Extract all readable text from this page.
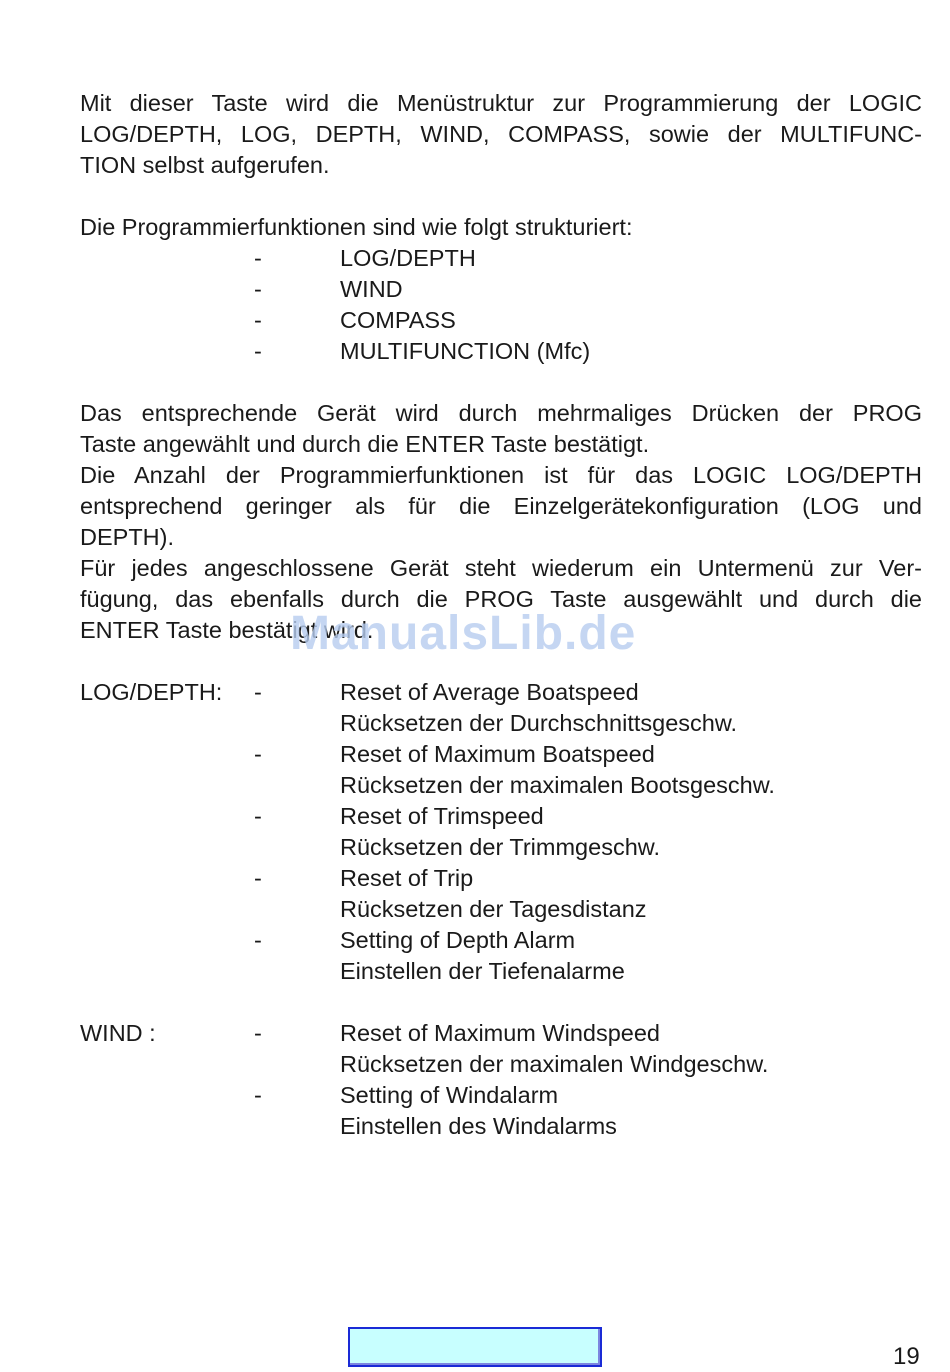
Mit dieser Taste wird die Menüstruktur zur Programmierung der LOGIC
LOG/DEPTH, LOG, DEPTH, WIND, COMPASS, sowie der MULTIFUNC-
TION selbst aufgerufen.
Die Programmierfunktionen sind wie folgt strukturiert:
-	LOG/DEPTH
-	WIND
-	COMPASS
-	MULTIFUNCTION (Mfc)
Das entsprechende Gerät wird durch mehrmaliges Drücken der PROG
Taste angewählt und durch die ENTER Taste bestätigt.
Die Anzahl der Programmierfunktionen ist für das LOGIC LOG/DEPTH
entsprechend geringer als für die Einzelgerätekonfiguration (LOG und
DEPTH).
Für jedes angeschlossene Gerät steht wiederum ein Untermenü zur Ver-
fügung, das ebenfalls durch die PROG Taste ausgewählt und durch die
ENTER Taste bestätigt wird.
LOG/DEPTH: -	Reset of Average Boatspeed
Rücksetzen der Durchschnittsgeschw.
-	Reset of Maximum Boatspeed
Rücksetzen der maximalen Bootsgeschw.
-	Reset of Trimspeed
Rücksetzen der Trimmgeschw.
-	Reset of Trip
Rücksetzen der Tagesdistanz
-	Setting of Depth Alarm
Einstellen der Tiefenalarme
WIND :	-	Reset of Maximum Windspeed
Rücksetzen der maximalen Windgeschw.
-	Setting of Windalarm
Einstellen des Windalarms
ManualsLib.de
19
